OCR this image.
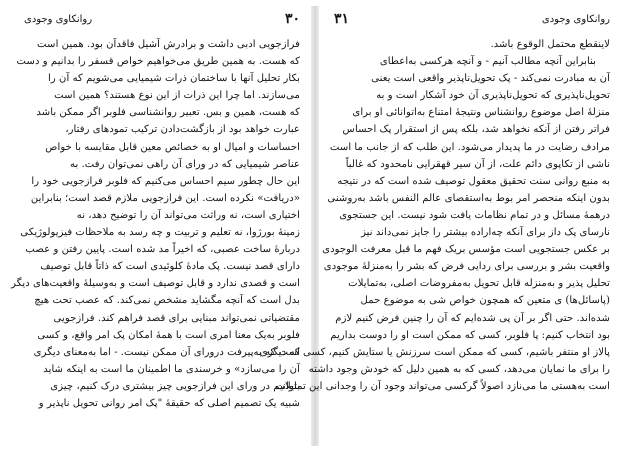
۳۰
روانکاوی وجودی
فرازجویی ادبی داشت و برادرش آشیل فاقدآن بود. همین است
که هست. به همین طریق می‌خواهیم خواص قسفر را بدانیم و دست
بکار تحلیل آنها با ساختمان ذرات شیمیایی می‌شویم که آن را
می‌سازند. اما چرا این ذرات از این نوع هستند؟ همین است
که هست، همین و بس. تعبیر روانشناسی فلوبر اگر ممکن باشد
عبارت خواهد بود از بازگشت‌دادن ترکیب تمودهای رفتار،
احساسات و امیال او به خصائص معین قابل مقایسه با خواص
عناصر شیمیایی که در ورای آن راهی نمی‌توان رفت. به
این حال چطور سیم احساس می‌کنیم که فلوبر فرازجویی خود را
«دریافت» نکرده است. این فرازجویی ملازم قصد است؛ بنابراین
اختیاری است، نه وراثت می‌تواند آن را توضیح دهد، نه
زمینهٔ بورژوا، نه تعلیم و تربیت و چه رسد به ملاحظات فیزیولوژیکی
دربارهٔ ساخت عصبی، که اخیراً مد شده است. پایین رفتن و عصب
دارای قصد نیست. پک مادهٔ کلوئیدی است که ذاتاً قابل توصیف
است و قصدی ندارد و قابل توصیف است و به‌وسیلهٔ واقعیت‌های دیگر
بدل است که آنچه مگشاید مشخص نمی‌کند. که عصب تحت هیچ
مقتضیاتی نمی‌تواند مبنایی برای قصد فراهم کند. فرازجویی
فلوبر به‌یک معنا امری است با همهٔ امکان پک امر واقع، و کسی
است که به‌پیرفت درورای آن ممکن نیست. - اما به‌معنای دیگری
آن را می‌سازد» و خرسندی ما اطمینان ما است به اینکه شاید
بتوانیم در ورای این فرازجویی چیز بیشتری درک کنیم، چیزی
شبیه یک تصمیم اصلی که حقیقهٔ "پک امر روانی تحویل ناپذیر و
روانکاوی وجودی
۳۱
لاینقطع محتمل الوقوع باشد.
بنابراین آنچه مطالب آنیم - و آنچه هرکسی به‌اعطای
آن به مبادرت نمی‌کند - پک تحویل‌ناپذیر واقعی است یعنی
تحویل‌ناپذیری که تحویل‌ناپذیری آن خود آشکار است و به
منزلهٔ اصل موضوع روانشناس ونتیجهٔ امتناع به‌اتوانائی او برای
فراتر رفتن از آنکه نخواهد شد، بلکه پس از استقرار پک احساس
مرادف رضایت در ما پدیدار می‌شود. این طلب که از جانب ما است
ناشی از تکاپوی دائم علت، از آن سیر قهقرایی نامحدود که غالباً
به منبع روانی سنت تحقیق معقول توصیف شده است که در نتیجه
بدون اینکه منحصر امر بوط به‌استقصای عالم النفس باشد به‌روشنی
درهمهٔ مسائل و در تمام نظامات یافت شود نیست. این جستجوی
نارسای پک داز برای آنکه چه‌اراده بیشتر را جایز نمی‌داند نیز
بر عکس جستجویی است مؤسس بریک فهم ما قبل معرفت الوجودی
واقعیت بشر و بررسی برای ردایی فرض که بشر را به‌منزلهٔ موجودی
تحلیل پذیر و به‌منزله قابل تحویل به‌مفروضات اصلی، به‌تمایلات
(پاسائل‌ها) ی متعین که همچون خواص شی به موضوع حمل
شده‌اند. حتی اگر بر آن پی شده‌ایم که آن را چنین فرض کنیم لازم
بود انتخاب کنیم: پا فلوبر، کسی که ممکن است او را دوست بداریم
پالاز او منتفر باشیم، کسی که ممکن است سرزنش یا ستایش کنیم، کسی که دیگری
را برای ما نمایان می‌دهد، کسی که به همین دلیل که خودش وجود داشته
است به‌هستی ما می‌نازد اصولاً گرکسی می‌تواند وجود آن را وجدانی این تمایلات
